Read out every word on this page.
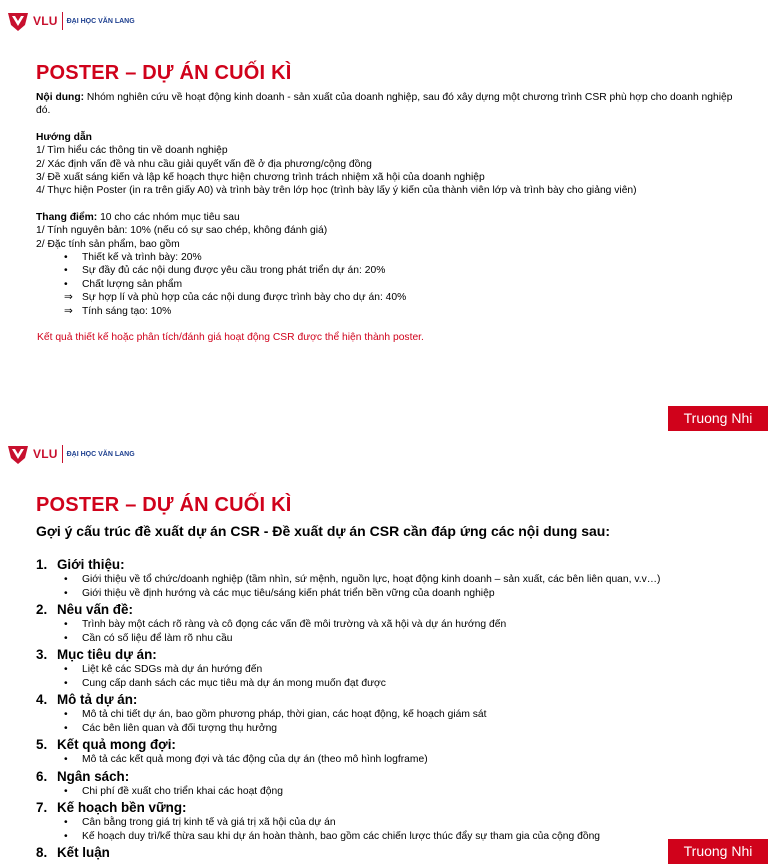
VLU ĐẠI HỌC VĂN LANG
POSTER – DỰ ÁN CUỐI KÌ

Nội dung: Nhóm nghiên cứu về hoạt động kinh doanh - sản xuất của doanh nghiệp, sau đó xây dựng một chương trình CSR phù hợp cho doanh nghiệp đó.

Hướng dẫn

1/ Tìm hiểu các thông tin về doanh nghiệp

2/ Xác định vấn đề và nhu cầu giải quyết vấn đề ở địa phương/cộng đồng

3/ Đề xuất sáng kiến và lập kế hoạch thực hiện chương trình trách nhiệm xã hội của doanh nghiệp

4/ Thực hiện Poster (in ra trên giấy A0) và trình bày trên lớp học (trình bày lấy ý kiến của thành viên lớp và trình bày cho giảng viên)

Thang điểm: 10 cho các nhóm mục tiêu sau

1/ Tính nguyên bản: 10% (nếu có sự sao chép, không đánh giá)

2/ Đặc tính sản phẩm, bao gồm

• Thiết kế và trình bày: 20%
• Sự đầy đủ các nội dung được yêu cầu trong phát triển dự án: 20%
• Chất lượng sản phẩm
⇒ Sự hợp lí và phù hợp của các nội dung được trình bày cho dự án: 40%
⇒ Tính sáng tạo: 10%
Kết quả thiết kế hoặc phân tích/đánh giá hoạt động CSR được thể hiện thành poster.
Truong Nhi
VLU ĐẠI HỌC VĂN LANG
POSTER – DỰ ÁN CUỐI KÌ
Gợi ý cấu trúc đề xuất dự án CSR - Đề xuất dự án CSR cần đáp ứng các nội dung sau:
1. Giới thiệu:
• Giới thiệu về tổ chức/doanh nghiệp (tầm nhìn, sứ mệnh, nguồn lực, hoạt động kinh doanh – sản xuất, các bên liên quan, v.v…)
• Giới thiệu về định hướng và các mục tiêu/sáng kiến phát triển bền vững của doanh nghiệp
2. Nêu vấn đề:
• Trình bày một cách rõ ràng và cô đọng các vấn đề môi trường và xã hội và dự án hướng đến
• Cần có số liệu để làm rõ nhu cầu
3. Mục tiêu dự án:
• Liệt kê các SDGs mà dự án hướng đến
• Cung cấp danh sách các mục tiêu mà dự án mong muốn đạt được
4. Mô tả dự án:
• Mô tả chi tiết dự án, bao gồm phương pháp, thời gian, các hoạt động, kế hoạch giám sát
• Các bên liên quan và đối tượng thụ hưởng
5. Kết quả mong đợi:
• Mô tả các kết quả mong đợi và tác động của dự án (theo mô hình logframe)
6. Ngân sách:
• Chi phí đề xuất cho triển khai các hoạt động
7. Kế hoạch bền vững:
• Cân bằng trong giá trị kinh tế và giá trị xã hội của dự án
• Kế hoạch duy trì/kế thừa sau khi dự án hoàn thành, bao gồm các chiến lược thúc đẩy sự tham gia của cộng đồng
8. Kết luận	Truong Nhi
